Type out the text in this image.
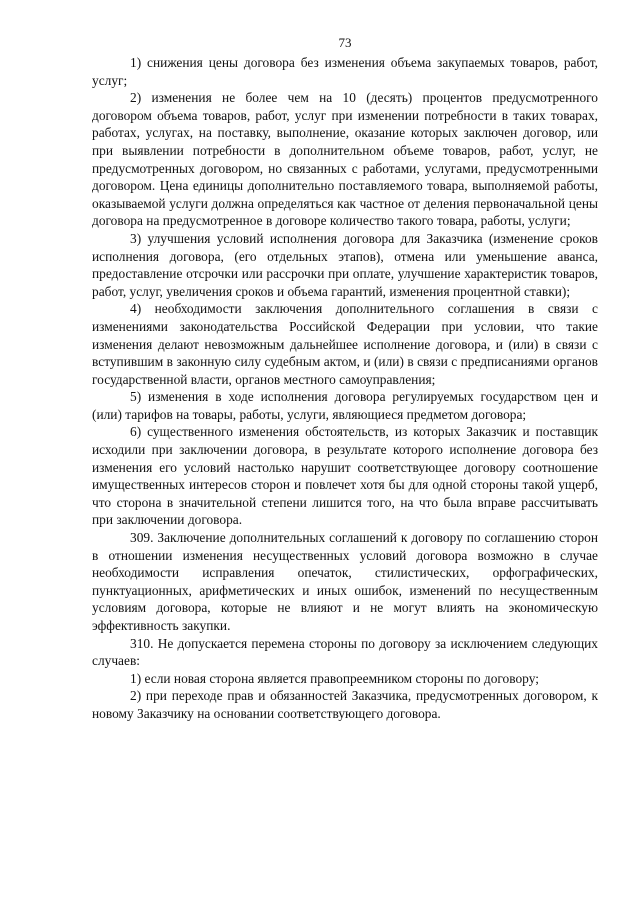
73

1) снижения цены договора без изменения объема закупаемых товаров, работ, услуг;

2) изменения не более чем на 10 (десять) процентов предусмотренного договором объема товаров, работ, услуг при изменении потребности в таких товарах, работах, услугах, на поставку, выполнение, оказание которых заключен договор, или при выявлении потребности в дополнительном объеме товаров, работ, услуг, не предусмотренных договором, но связанных с работами, услугами, предусмотренными договором. Цена единицы дополнительно поставляемого товара, выполняемой работы, оказываемой услуги должна определяться как частное от деления первоначальной цены договора на предусмотренное в договоре количество такого товара, работы, услуги;

3) улучшения условий исполнения договора для Заказчика (изменение сроков исполнения договора, (его отдельных этапов), отмена или уменьшение аванса, предоставление отсрочки или рассрочки при оплате, улучшение характеристик товаров, работ, услуг, увеличения сроков и объема гарантий, изменения процентной ставки);

4) необходимости заключения дополнительного соглашения в связи с изменениями законодательства Российской Федерации при условии, что такие изменения делают невозможным дальнейшее исполнение договора, и (или) в связи с вступившим в законную силу судебным актом, и (или) в связи с предписаниями органов государственной власти, органов местного самоуправления;

5) изменения в ходе исполнения договора регулируемых государством цен и (или) тарифов на товары, работы, услуги, являющиеся предметом договора;

6) существенного изменения обстоятельств, из которых Заказчик и поставщик исходили при заключении договора, в результате которого исполнение договора без изменения его условий настолько нарушит соответствующее договору соотношение имущественных интересов сторон и повлечет хотя бы для одной стороны такой ущерб, что сторона в значительной степени лишится того, на что была вправе рассчитывать при заключении договора.

309. Заключение дополнительных соглашений к договору по соглашению сторон в отношении изменения несущественных условий договора возможно в случае необходимости исправления опечаток, стилистических, орфографических, пунктуационных, арифметических и иных ошибок, изменений по несущественным условиям договора, которые не влияют и не могут влиять на экономическую эффективность закупки.

310. Не допускается перемена стороны по договору за исключением следующих случаев:

1) если новая сторона является правопреемником стороны по договору;

2) при переходе прав и обязанностей Заказчика, предусмотренных договором, к новому Заказчику на основании соответствующего договора.
